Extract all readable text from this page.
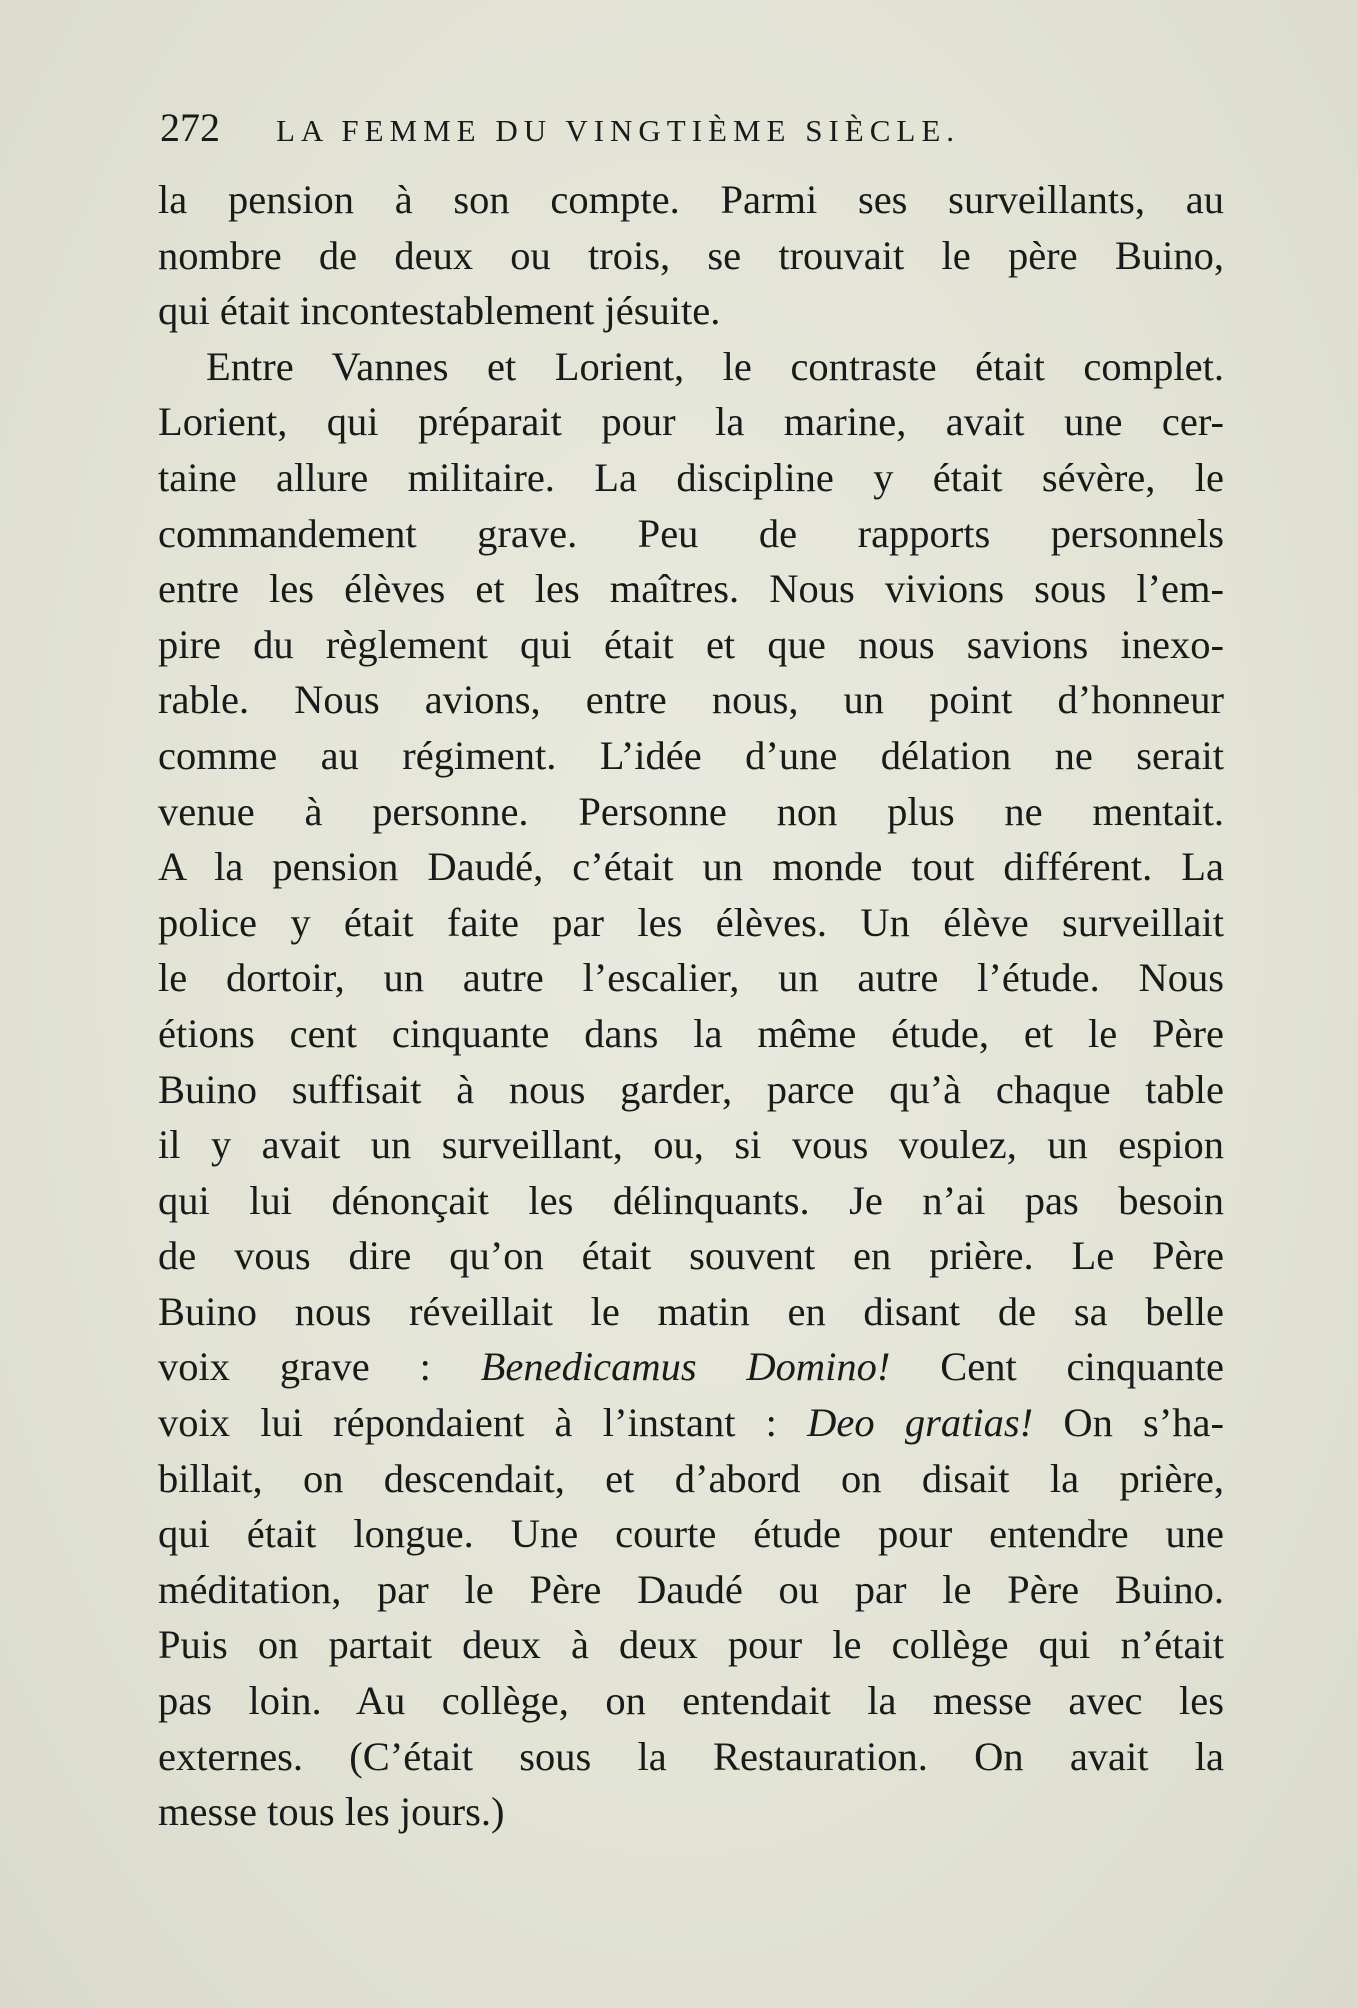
272 LA FEMME DU VINGTIÈME SIÈCLE.
la pension à son compte. Parmi ses surveillants, au
nombre de deux ou trois, se trouvait le père Buino,
qui était incontestablement jésuite.
Entre Vannes et Lorient, le contraste était complet.
Lorient, qui préparait pour la marine, avait une cer-
taine allure militaire. La discipline y était sévère, le
commandement grave. Peu de rapports personnels
entre les élèves et les maîtres. Nous vivions sous l’em-
pire du règlement qui était et que nous savions inexo-
rable. Nous avions, entre nous, un point d’honneur
comme au régiment. L’idée d’une délation ne serait
venue à personne. Personne non plus ne mentait.
A la pension Daudé, c’était un monde tout différent. La
police y était faite par les élèves. Un élève surveillait
le dortoir, un autre l’escalier, un autre l’étude. Nous
étions cent cinquante dans la même étude, et le Père
Buino suffisait à nous garder, parce qu’à chaque table
il y avait un surveillant, ou, si vous voulez, un espion
qui lui dénonçait les délinquants. Je n’ai pas besoin
de vous dire qu’on était souvent en prière. Le Père
Buino nous réveillait le matin en disant de sa belle
voix grave : Benedicamus Domino! Cent cinquante
voix lui répondaient à l’instant : Deo gratias! On s’ha-
billait, on descendait, et d’abord on disait la prière,
qui était longue. Une courte étude pour entendre une
méditation, par le Père Daudé ou par le Père Buino.
Puis on partait deux à deux pour le collège qui n’était
pas loin. Au collège, on entendait la messe avec les
externes. (C’était sous la Restauration. On avait la
messe tous les jours.)
